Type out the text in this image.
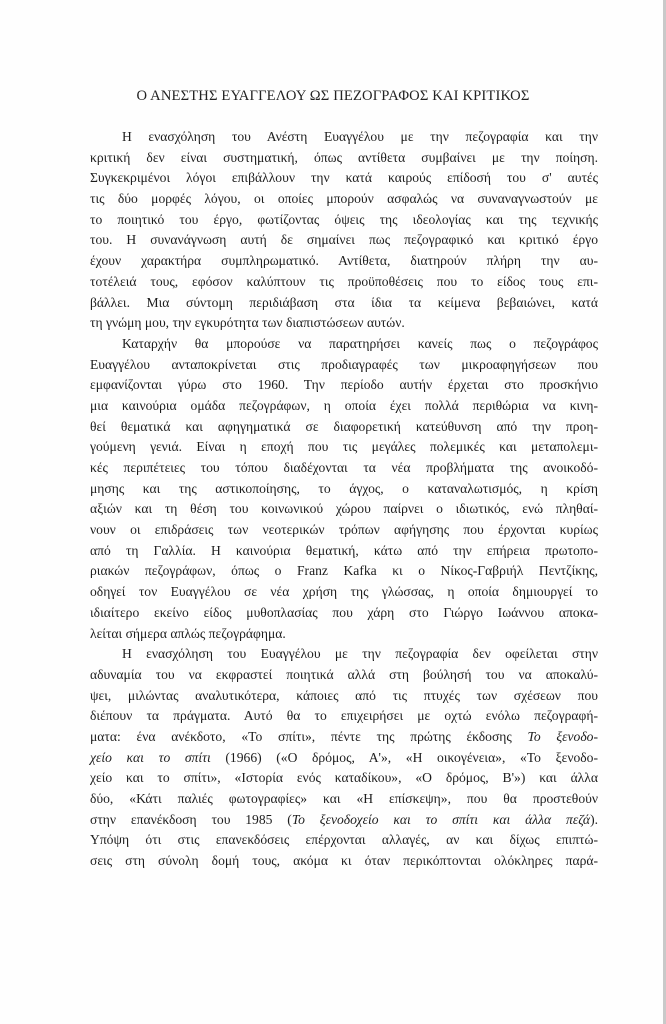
Ο ΑΝΕΣΤΗΣ ΕΥΑΓΓΕΛΟΥ ΩΣ ΠΕΖΟΓΡΑΦΟΣ ΚΑΙ ΚΡΙΤΙΚΟΣ
Η ενασχόληση του Ανέστη Ευαγγέλου με την πεζογραφία και την
κριτική δεν είναι συστηματική, όπως αντίθετα συμβαίνει με την ποίηση.
Συγκεκριμένοι λόγοι επιβάλλουν την κατά καιρούς επίδοσή του σ' αυτές
τις δύο μορφές λόγου, οι οποίες μπορούν ασφαλώς να συναναγνωστούν με
το ποιητικό του έργο, φωτίζοντας όψεις της ιδεολογίας και της τεχνικής
του. Η συνανάγνωση αυτή δε σημαίνει πως πεζογραφικό και κριτικό έργο
έχουν χαρακτήρα συμπληρωματικό. Αντίθετα, διατηρούν πλήρη την αυ-
τοτέλειά τους, εφόσον καλύπτουν τις προϋποθέσεις που το είδος τους επι-
βάλλει. Μια σύντομη περιδιάβαση στα ίδια τα κείμενα βεβαιώνει, κατά
τη γνώμη μου, την εγκυρότητα των διαπιστώσεων αυτών.
Καταρχήν θα μπορούσε να παρατηρήσει κανείς πως ο πεζογράφος
Ευαγγέλου ανταποκρίνεται στις προδιαγραφές των μικροαφηγήσεων που
εμφανίζονται γύρω στο 1960. Την περίοδο αυτήν έρχεται στο προσκήνιο
μια καινούρια ομάδα πεζογράφων, η οποία έχει πολλά περιθώρια να κινη-
θεί θεματικά και αφηγηματικά σε διαφορετική κατεύθυνση από την προη-
γούμενη γενιά. Είναι η εποχή που τις μεγάλες πολεμικές και μεταπολεμι-
κές περιπέτειες του τόπου διαδέχονται τα νέα προβλήματα της ανοικοδό-
μησης και της αστικοποίησης, το άγχος, ο καταναλωτισμός, η κρίση
αξιών και τη θέση του κοινωνικού χώρου παίρνει ο ιδιωτικός, ενώ πληθαί-
νουν οι επιδράσεις των νεοτερικών τρόπων αφήγησης που έρχονται κυρίως
από τη Γαλλία. Η καινούρια θεματική, κάτω από την επήρεια πρωτοπο-
ριακών πεζογράφων, όπως ο Franz Kafka κι ο Νίκος-Γαβριήλ Πεντζίκης,
οδηγεί τον Ευαγγέλου σε νέα χρήση της γλώσσας, η οποία δημιουργεί το
ιδιαίτερο εκείνο είδος μυθοπλασίας που χάρη στο Γιώργο Ιωάννου αποκα-
λείται σήμερα απλώς πεζογράφημα.
Η ενασχόληση του Ευαγγέλου με την πεζογραφία δεν οφείλεται στην
αδυναμία του να εκφραστεί ποιητικά αλλά στη βούλησή του να αποκαλύ-
ψει, μιλώντας αναλυτικότερα, κάποιες από τις πτυχές των σχέσεων που
διέπουν τα πράγματα. Αυτό θα το επιχειρήσει με οχτώ ενόλω πεζογραφή-
ματα: ένα ανέκδοτο, «Το σπίτι», πέντε της πρώτης έκδοσης Το ξενοδο-
χείο και το σπίτι (1966) («Ο δρόμος, Α'», «Η οικογένεια», «Το ξενοδο-
χείο και το σπίτι», «Ιστορία ενός καταδίκου», «Ο δρόμος, Β'») και άλλα
δύο, «Κάτι παλιές φωτογραφίες» και «Η επίσκεψη», που θα προστεθούν
στην επανέκδοση του 1985 (Το ξενοδοχείο και το σπίτι και άλλα πεζά).
Υπόψη ότι στις επανεκδόσεις επέρχονται αλλαγές, αν και δίχως επιπτώ-
σεις στη σύνολη δομή τους, ακόμα κι όταν περικόπτονται ολόκληρες παρά-
